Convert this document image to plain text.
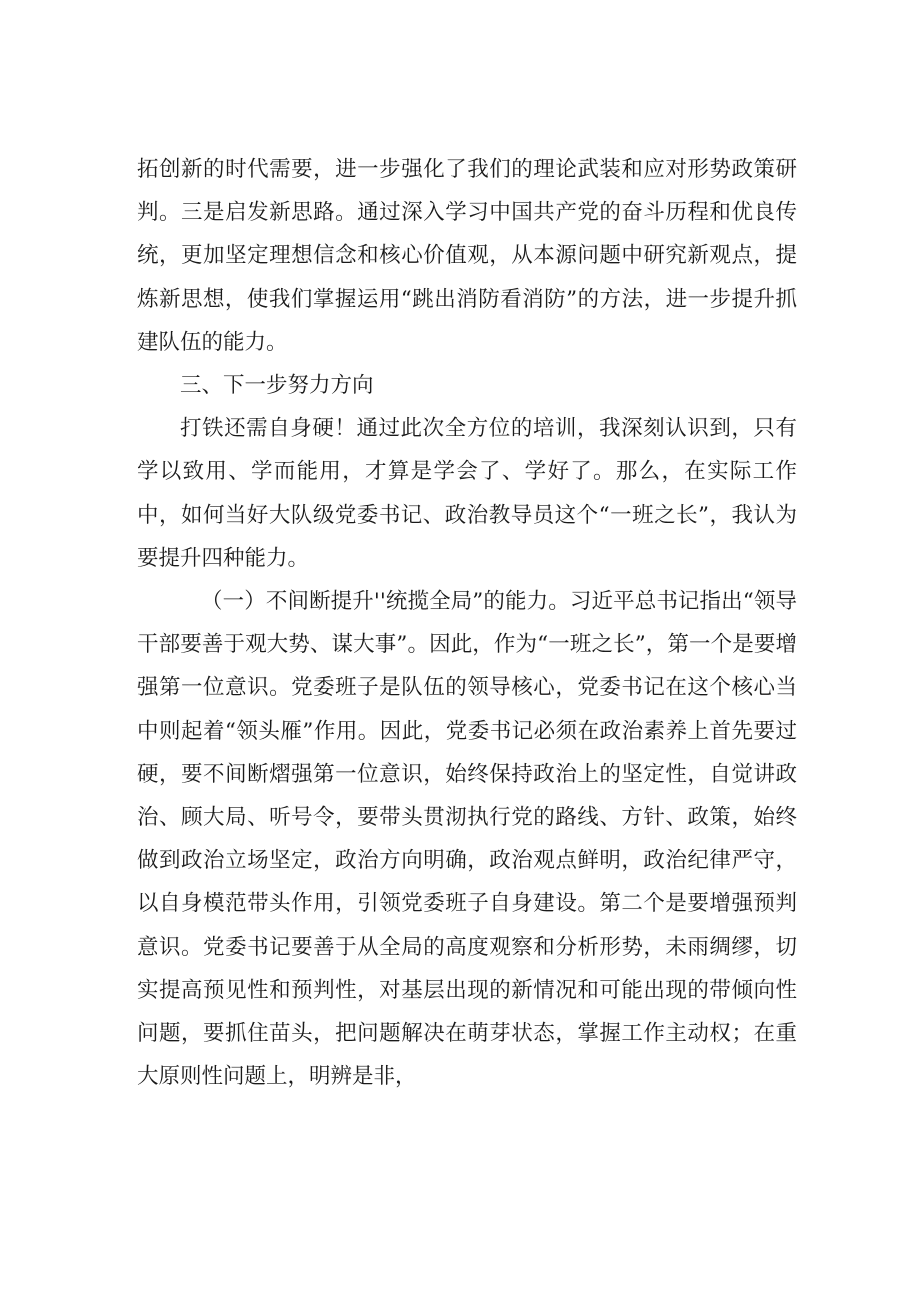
拓创新的时代需要，进一步强化了我们的理论武装和应对形势政策研判。三是启发新思路。通过深入学习中国共产党的奋斗历程和优良传统，更加坚定理想信念和核心价值观，从本源问题中研究新观点，提炼新思想，使我们掌握运用“跳出消防看消防”的方法，进一步提升抓建队伍的能力。

三、下一步努力方向

打铁还需自身硬！通过此次全方位的培训，我深刻认识到，只有学以致用、学而能用，才算是学会了、学好了。那么，在实际工作中，如何当好大队级党委书记、政治教导员这个“一班之长”，我认为要提升四种能力。

（一）不间断提升''统揽全局”的能力。习近平总书记指出“领导干部要善于观大势、谋大事”。因此，作为“一班之长”，第一个是要增强第一位意识。党委班子是队伍的领导核心，党委书记在这个核心当中则起着“领头雁”作用。因此，党委书记必须在政治素养上首先要过硬，要不间断熠强第一位意识，始终保持政治上的坚定性，自觉讲政治、顾大局、听号令，要带头贯沏执行党的路线、方针、政策，始终做到政治立场坚定，政治方向明确，政治观点鲜明，政治纪律严守，以自身模范带头作用，引领党委班子自身建设。第二个是要增强预判意识。党委书记要善于从全局的高度观察和分析形势，未雨绸缪，切实提高预见性和预判性，对基层出现的新情况和可能出现的带倾向性问题，要抓住苗头，把问题解决在萌芽状态，掌握工作主动权；在重大原则性问题上，明辨是非，
